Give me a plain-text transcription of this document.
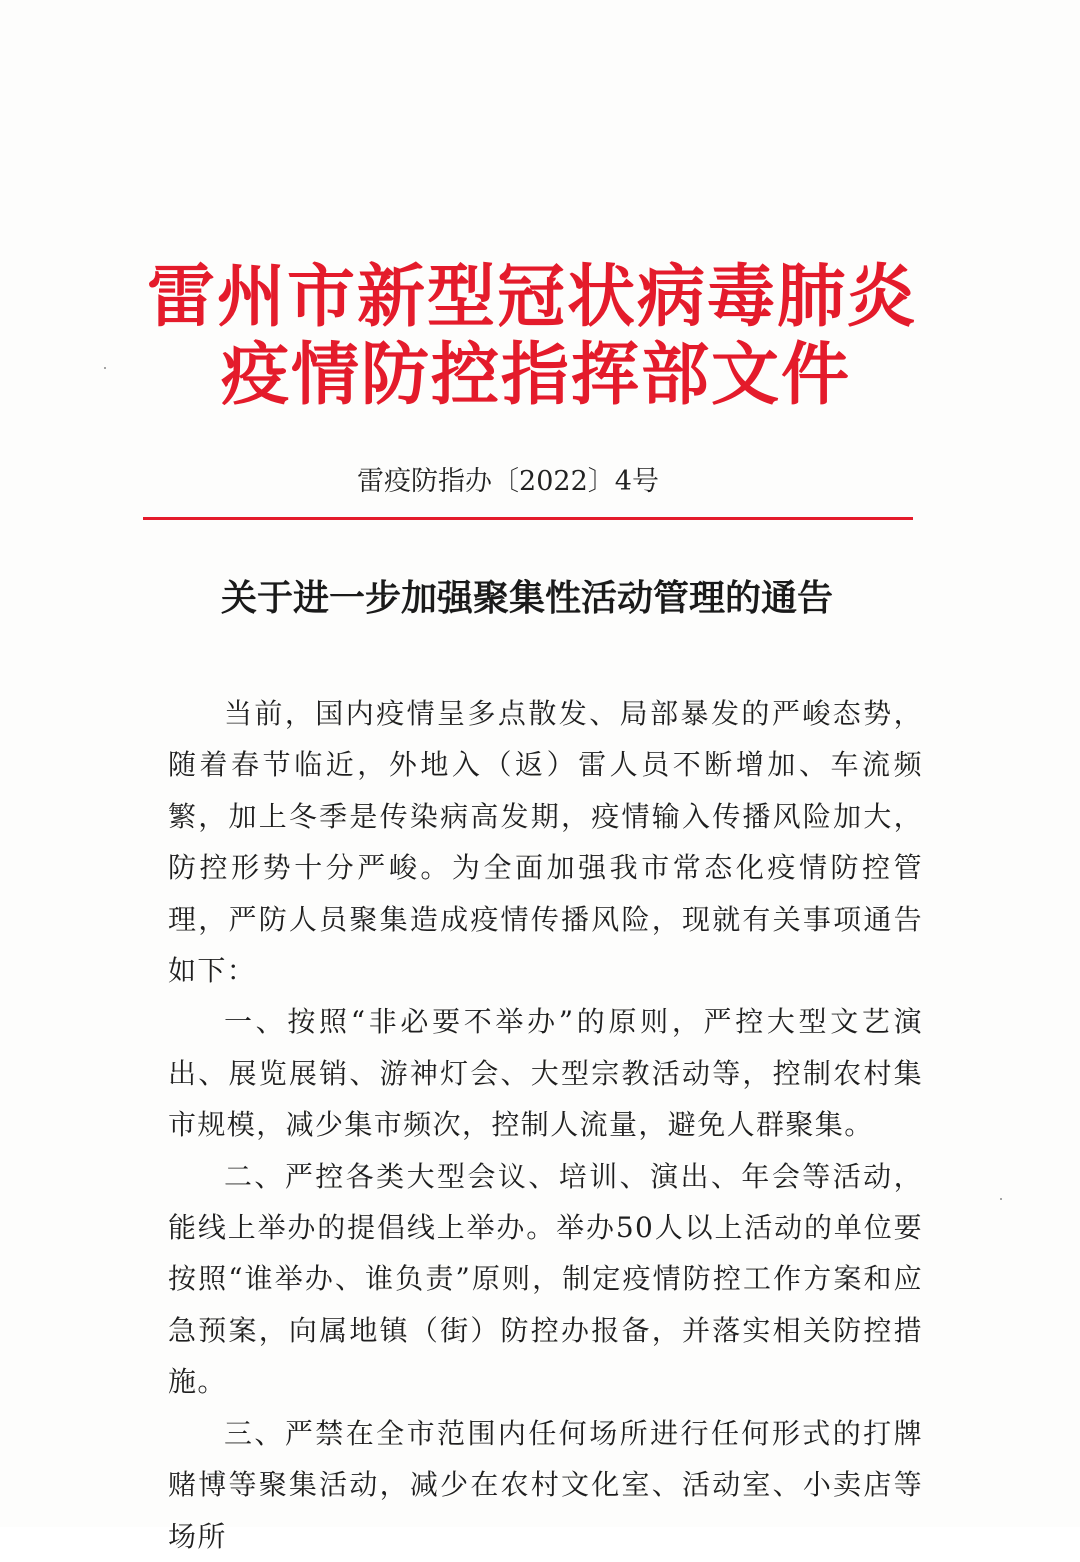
雷州市新型冠状病毒肺炎
疫情防控指挥部文件
雷疫防指办〔2022〕4号
关于进一步加强聚集性活动管理的通告

当前，国内疫情呈多点散发、局部暴发的严峻态势，随着春节临近，外地入（返）雷人员不断增加、车流频繁，加上冬季是传染病高发期，疫情输入传播风险加大，防控形势十分严峻。为全面加强我市常态化疫情防控管理，严防人员聚集造成疫情传播风险，现就有关事项通告如下：

一、按照“非必要不举办”的原则，严控大型文艺演出、展览展销、游神灯会、大型宗教活动等，控制农村集市规模，减少集市频次，控制人流量，避免人群聚集。

二、严控各类大型会议、培训、演出、年会等活动，能线上举办的提倡线上举办。举办50人以上活动的单位要按照“谁举办、谁负责”原则，制定疫情防控工作方案和应急预案，向属地镇（街）防控办报备，并落实相关防控措施。

三、严禁在全市范围内任何场所进行任何形式的打牌赌博等聚集活动，减少在农村文化室、活动室、小卖店等场所
